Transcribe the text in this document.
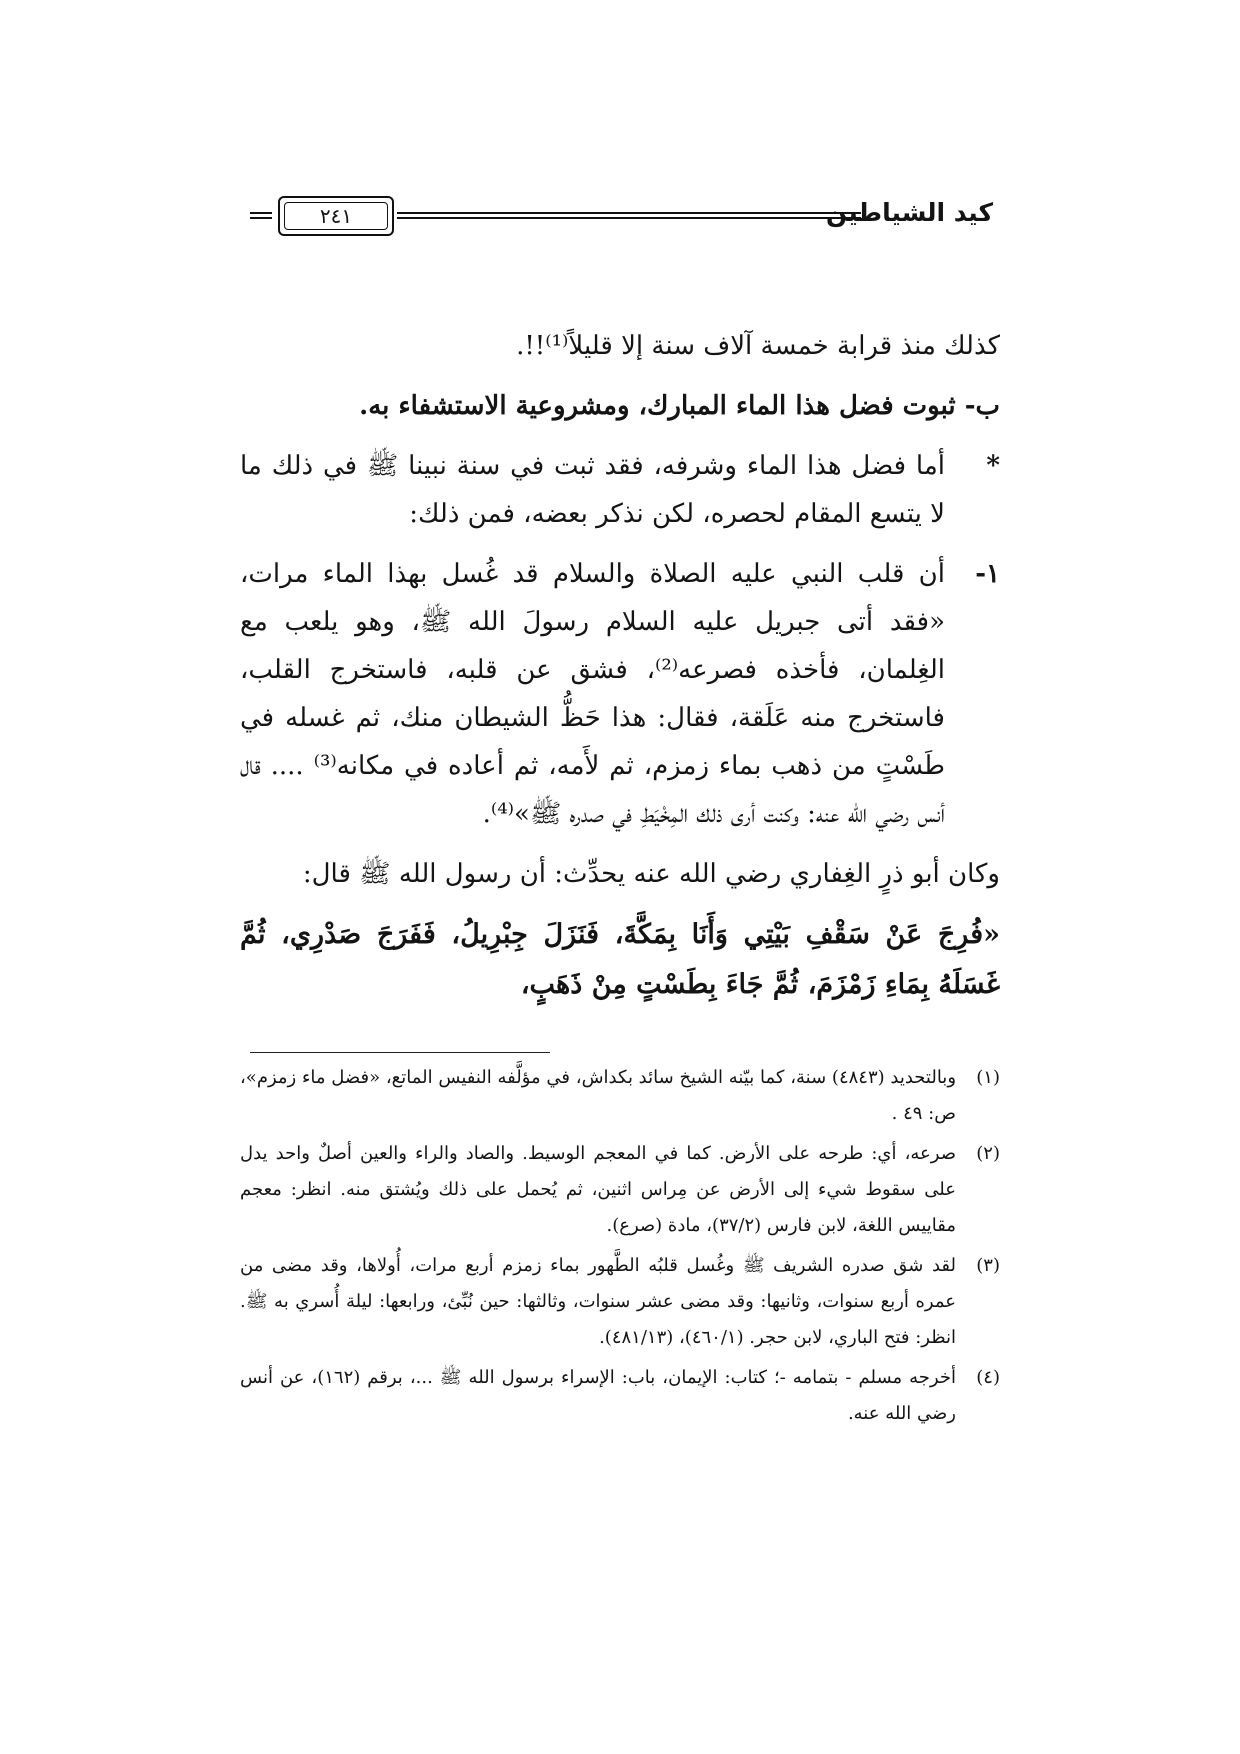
كيد الشياطين
٢٤١

كذلك منذ قرابة خمسة آلاف سنة إلا قليلاً⁽¹⁾!!.

ب- ثبوت فضل هذا الماء المبارك، ومشروعية الاستشفاء به.

*
أما فضل هذا الماء وشرفه، فقد ثبت في سنة نبينا ﷺ في ذلك ما لا يتسع المقام لحصره، لكن نذكر بعضه، فمن ذلك:

١-
أن قلب النبي عليه الصلاة والسلام قد غُسل بهذا الماء مرات، «فقد أتى جبريل عليه السلام رسولَ الله ﷺ، وهو يلعب مع الغِلمان، فأخذه فصرعه⁽²⁾، فشق عن قلبه، فاستخرج القلب، فاستخرج منه عَلَقة، فقال: هذا حَظُّ الشيطان منك، ثم غسله في طَسْتٍ من ذهب بماء زمزم، ثم لأَمه، ثم أعاده في مكانه⁽³⁾ .... قال أنس رضي الله عنه: وكنت أرى ذلك المِخْيَطِ في صدره ﷺ»⁽⁴⁾.

وكان أبو ذرٍ الغِفاري رضي الله عنه يحدِّث: أن رسول الله ﷺ قال:

«فُرِجَ عَنْ سَقْفِ بَيْتِي وَأَنَا بِمَكَّةَ، فَنَزَلَ جِبْرِيلُ، فَفَرَجَ صَدْرِي، ثُمَّ غَسَلَهُ بِمَاءِ زَمْزَمَ، ثُمَّ جَاءَ بِطَسْتٍ مِنْ ذَهَبٍ،

(١)
وبالتحديد (٤٨٤٣) سنة، كما بيّنه الشيخ سائد بكداش، في مؤلَّفه النفيس الماتع، «فضل ماء زمزم»، ص: ٤٩ .
(٢)
صرعه، أي: طرحه على الأرض. كما في المعجم الوسيط. والصاد والراء والعين أصلٌ واحد يدل على سقوط شيء إلى الأرض عن مِراس اثنين، ثم يُحمل على ذلك ويُشتق منه. انظر: معجم مقاييس اللغة، لابن فارس (٣٧/٢)، مادة (صرع).
(٣)
لقد شق صدره الشريف ﷺ وغُسل قلبُه الطَّهور بماء زمزم أربع مرات، أُولاها، وقد مضى من عمره أربع سنوات، وثانيها: وقد مضى عشر سنوات، وثالثها: حين نُبِّئ، ورابعها: ليلة أُسري به ﷺ. انظر: فتح الباري، لابن حجر. (٤٦٠/١)، (٤٨١/١٣).
(٤)
أخرجه مسلم - بتمامه -؛ كتاب: الإيمان، باب: الإسراء برسول الله ﷺ ...، برقم (١٦٢)، عن أنس رضي الله عنه.
